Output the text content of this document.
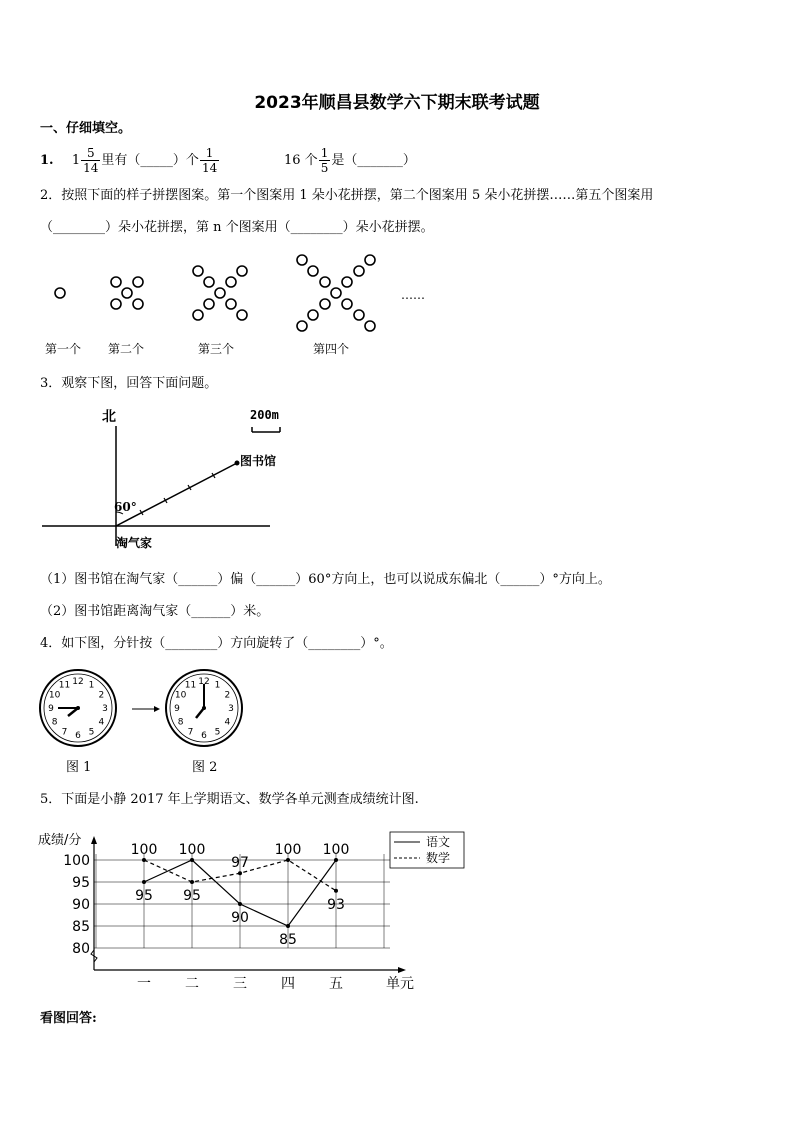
2023年顺昌县数学六下期末联考试题
一、仔细填空。
1. $1 \frac{5}{14}$ 里有（_____）个 $\frac{1}{14}$	16 个 $\frac{1}{5}$ 是（_______）
2．按照下面的样子拼摆图案。第一个图案用 1 朵小花拼摆，第二个图案用 5 朵小花拼摆……第五个图案用
（________）朵小花拼摆，第 n 个图案用（________）朵小花拼摆。
……
第一个 第二个	第三个	第四个
3．观察下图，回答下面问题。
北	200m
60°
图书馆
淘气家
（1）图书馆在淘气家（______）偏（______）60°方向上，也可以说成东偏北（______）°方向上。
（2）图书馆距离淘气家（______）米。
4．如下图，分针按（________）方向旋转了（________）°。
12 1
2
3
4
5
6
7
8
9
10
11	12 1
2
3
4
5
6
7
8
9
10
11
图 1	图 2
5．下面是小静 2017 年上学期语文、数学各单元测查成绩统计图.
100
95
90
85
80
一 二 三 四 五
95
100
90
85
100
100
95
97
100
93
成绩/分
单元
语文
数学
看图回答:
